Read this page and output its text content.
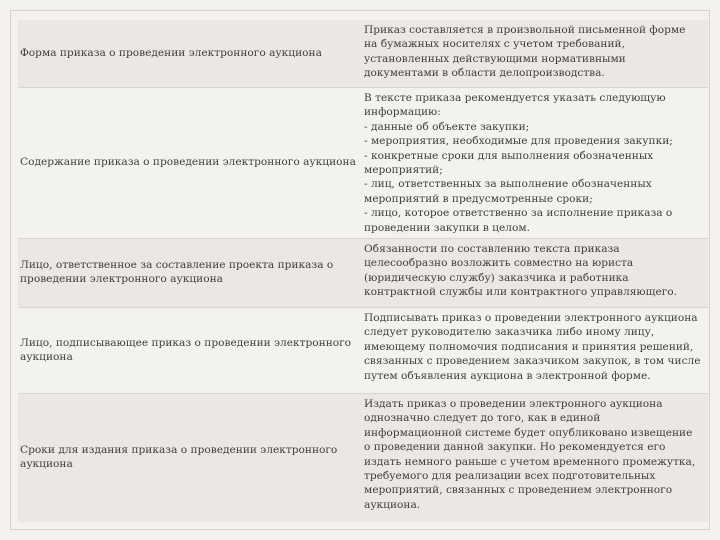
Форма приказа о проведении электронного аукциона
Приказ составляется в произвольной письменной форме
на бумажных носителях с учетом требований,
установленных действующими нормативными
документами в области делопроизводства.
Содержание приказа о проведении электронного аукциона
В тексте приказа рекомендуется указать следующую
информацию:
- данные об объекте закупки;
- мероприятия, необходимые для проведения закупки;
- конкретные сроки для выполнения обозначенных
мероприятий;
- лиц, ответственных за выполнение обозначенных
мероприятий в предусмотренные сроки;
- лицо, которое ответственно за исполнение приказа о
проведении закупки в целом.
Лицо, ответственное за составление проекта приказа о
проведении электронного аукциона
Обязанности по составлению текста приказа
целесообразно возложить совместно на юриста
(юридическую службу) заказчика и работника
контрактной службы или контрактного управляющего.
Лицо, подписывающее приказ о проведении электронного
аукциона
Подписывать приказ о проведении электронного аукциона
следует руководителю заказчика либо иному лицу,
имеющему полномочия подписания и принятия решений,
связанных с проведением заказчиком закупок, в том числе
путем объявления аукциона в электронной форме.
Сроки для издания приказа о проведении электронного
аукциона
Издать приказ о проведении электронного аукциона
однозначно следует до того, как в единой
информационной системе будет опубликовано извещение
о проведении данной закупки. Но рекомендуется его
издать немного раньше с учетом временного промежутка,
требуемого для реализации всех подготовительных
мероприятий, связанных с проведением электронного
аукциона.
